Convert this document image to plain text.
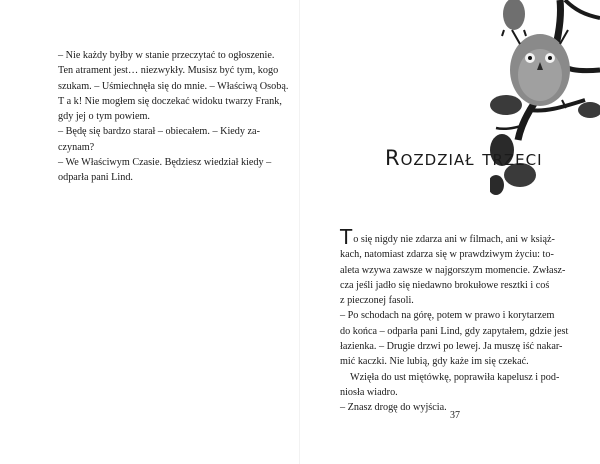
– Nie każdy byłby w stanie przeczytać to ogłoszenie.

Ten atrament jest… niezwykły. Musisz być tym, kogo

szukam. – Uśmiechnęła się do mnie. – Właściwą Osobą.

T a k! Nie mogłem się doczekać widoku twarzy Frank,

gdy jej o tym powiem.

– Będę się bardzo starał – obiecałem. – Kiedy za-

czynam?

– We Właściwym Czasie. Będziesz wiedział kiedy –

odparła pani Lind.

Rozdział trzeci

To się nigdy nie zdarza ani w filmach, ani w książ-

kach, natomiast zdarza się w prawdziwym życiu: to-

aleta wzywa zawsze w najgorszym momencie. Zwłasz-

cza jeśli jadło się niedawno brokułowe resztki i coś

z pieczonej fasoli.

– Po schodach na górę, potem w prawo i korytarzem

do końca – odparła pani Lind, gdy zapytałem, gdzie jest

łazienka. – Drugie drzwi po lewej. Ja muszę iść nakar-

mić kaczki. Nie lubią, gdy każe im się czekać.

Wzięła do ust miętówkę, poprawiła kapelusz i pod-

niosła wiadro.

– Znasz drogę do wyjścia.

37
